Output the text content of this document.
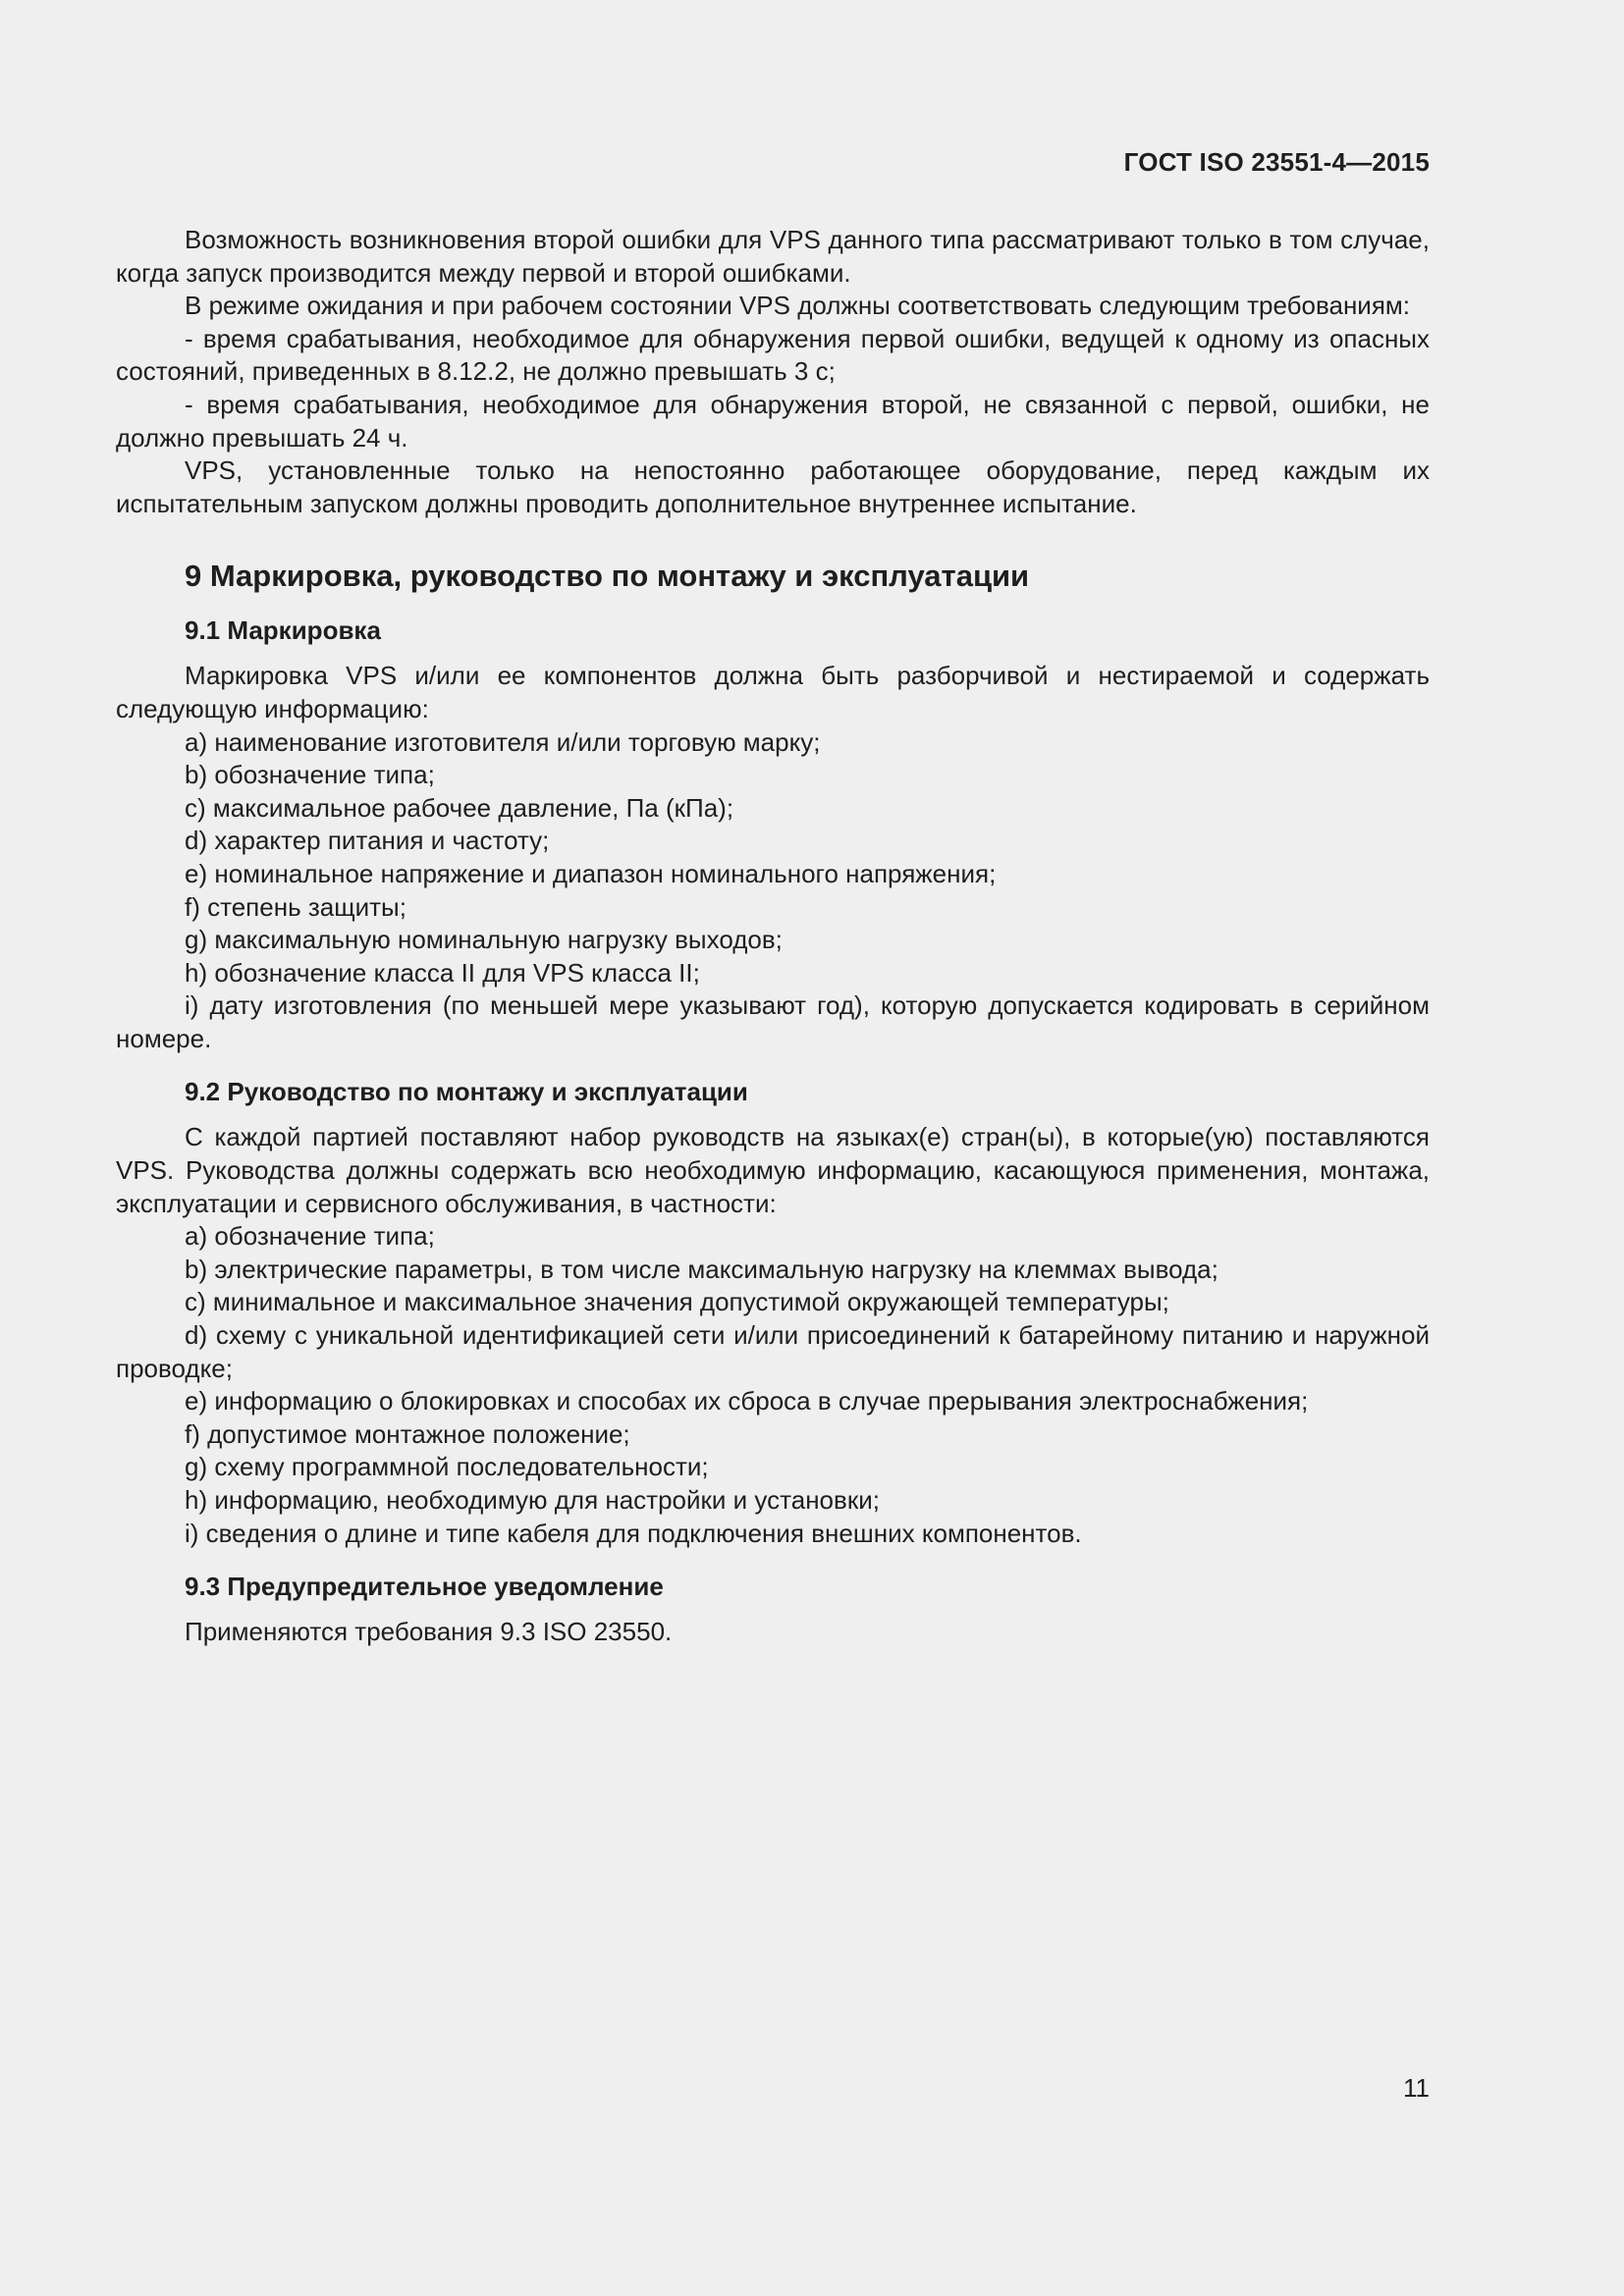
ГОСТ ISO 23551-4—2015

Возможность возникновения второй ошибки для VPS данного типа рассматривают только в том случае, когда запуск производится между первой и второй ошибками.

В режиме ожидания и при рабочем состоянии VPS должны соответствовать следующим требованиям:

- время срабатывания, необходимое для обнаружения первой ошибки, ведущей к одному из опасных состояний, приведенных в 8.12.2, не должно превышать 3 с;

- время срабатывания, необходимое для обнаружения второй, не связанной с первой, ошибки, не должно превышать 24 ч.

VPS, установленные только на непостоянно работающее оборудование, перед каждым их испытательным запуском должны проводить дополнительное внутреннее испытание.

9 Маркировка, руководство по монтажу и эксплуатации
9.1 Маркировка

Маркировка VPS и/или ее компонентов должна быть разборчивой и нестираемой и содержать следующую информацию:

a) наименование изготовителя и/или торговую марку;

b) обозначение типа;

c) максимальное рабочее давление, Па (кПа);

d) характер питания и частоту;

e) номинальное напряжение и диапазон номинального напряжения;

f) степень защиты;

g) максимальную номинальную нагрузку выходов;

h) обозначение класса II для VPS класса II;

i) дату изготовления (по меньшей мере указывают год), которую допускается кодировать в серийном номере.

9.2 Руководство по монтажу и эксплуатации

С каждой партией поставляют набор руководств на языках(е) стран(ы), в которые(ую) поставляются VPS. Руководства должны содержать всю необходимую информацию, касающуюся применения, монтажа, эксплуатации и сервисного обслуживания, в частности:

a) обозначение типа;

b) электрические параметры, в том числе максимальную нагрузку на клеммах вывода;

c) минимальное и максимальное значения допустимой окружающей температуры;

d) схему с уникальной идентификацией сети и/или присоединений к батарейному питанию и наружной проводке;

e) информацию о блокировках и способах их сброса в случае прерывания электроснабжения;

f) допустимое монтажное положение;

g) схему программной последовательности;

h) информацию, необходимую для настройки и установки;

i) сведения о длине и типе кабеля для подключения внешних компонентов.

9.3 Предупредительное уведомление

Применяются требования 9.3 ISO 23550.

11
